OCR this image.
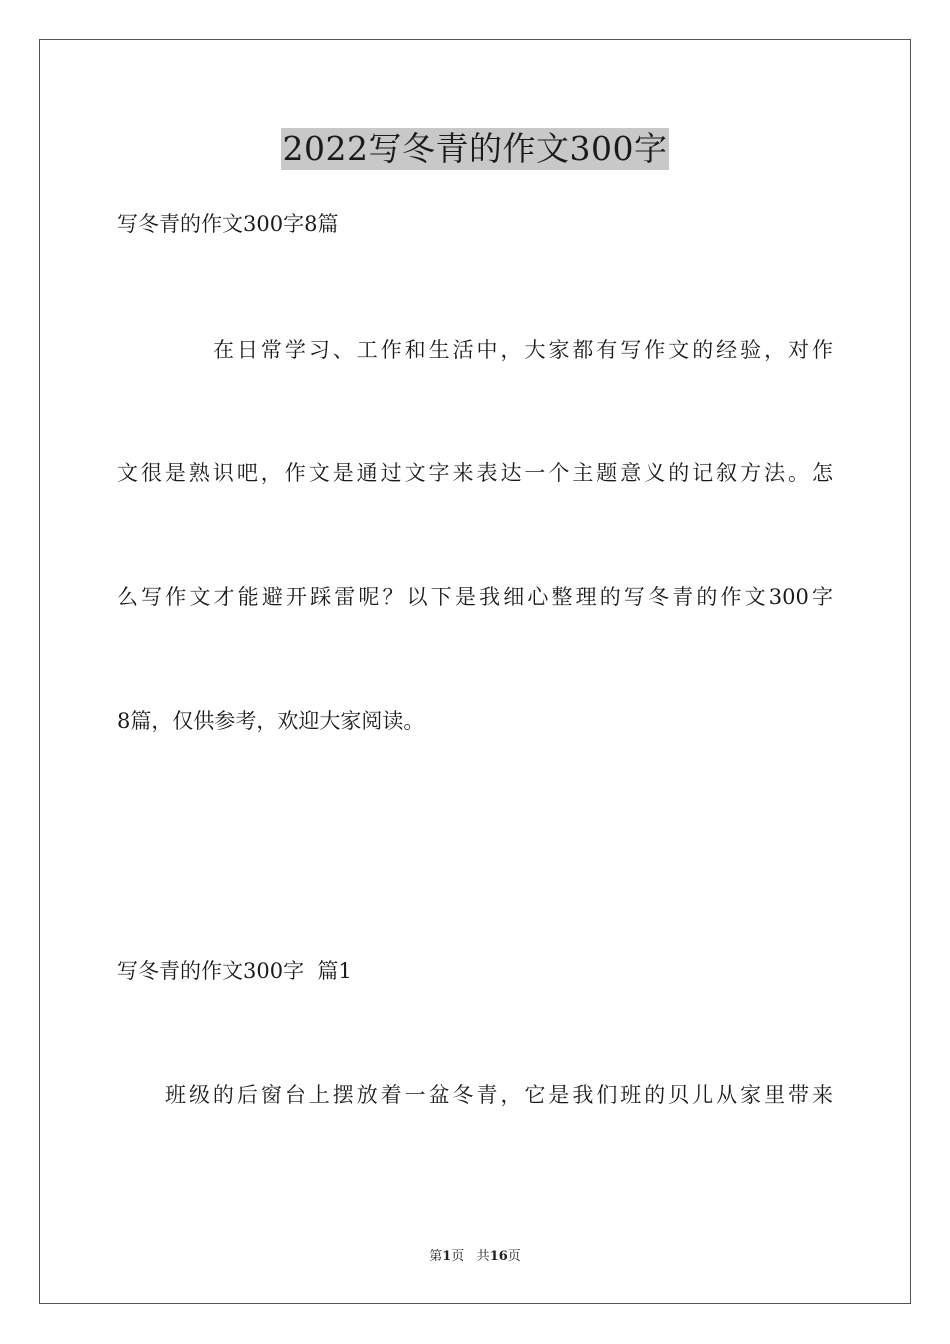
2022写冬青的作文300字

写冬青的作文300字8篇

在日常学习、工作和生活中，大家都有写作文的经验，对作

文很是熟识吧，作文是通过文字来表达一个主题意义的记叙方法。怎

么写作文才能避开踩雷呢？以下是我细心整理的写冬青的作文300字

8篇，仅供参考，欢迎大家阅读。

写冬青的作文300字  篇1

班级的后窗台上摆放着一盆冬青，它是我们班的贝儿从家里带来

第1页 共16页
